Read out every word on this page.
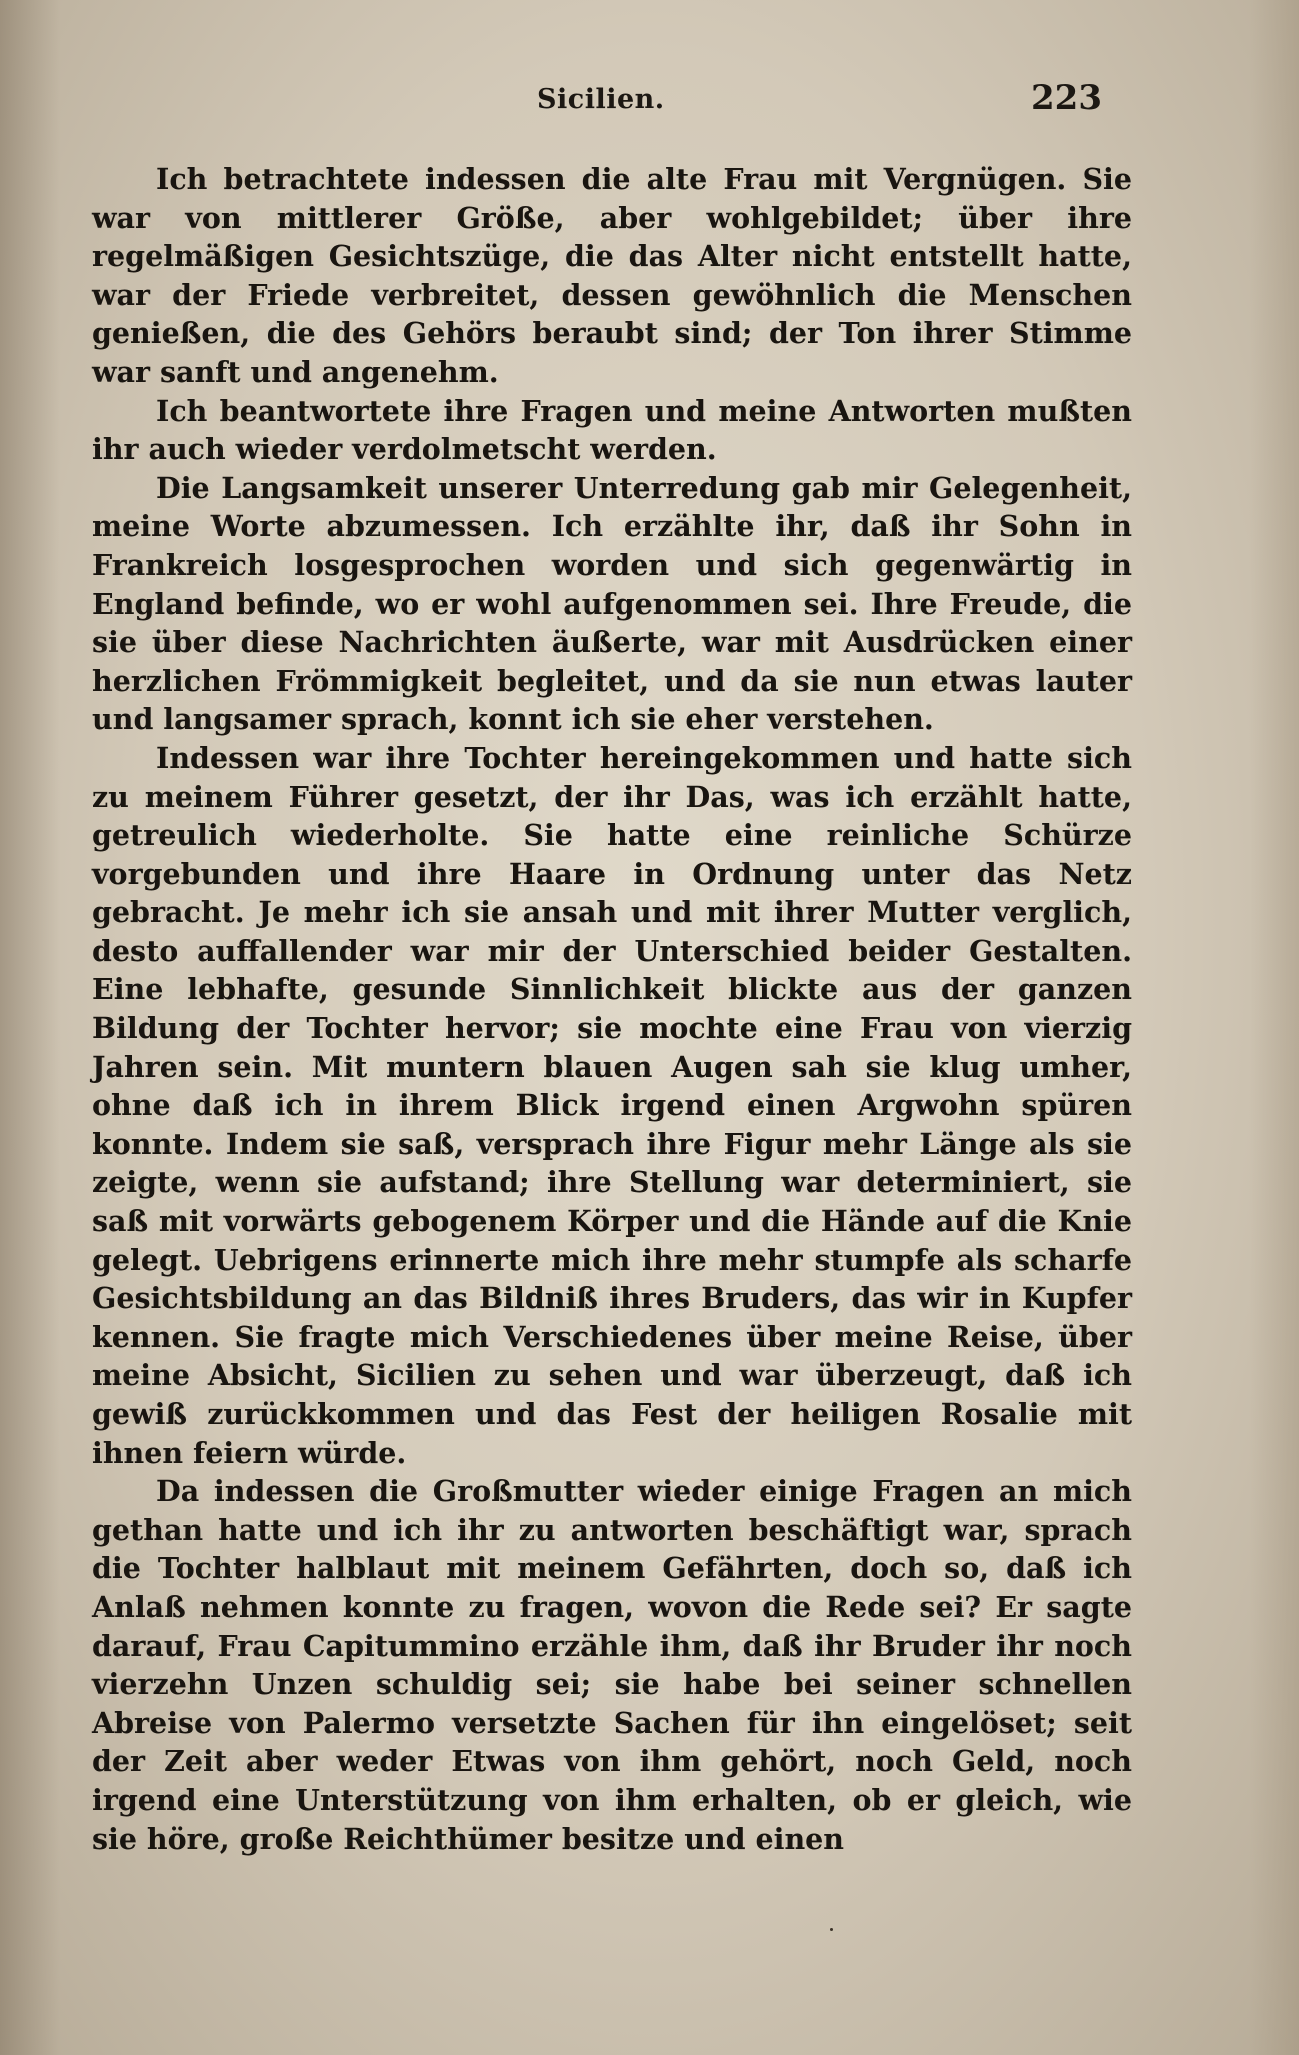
Sicilien.	223

Ich betrachtete indessen die alte Frau mit Vergnügen. Sie war von mittlerer Größe, aber wohlgebildet; über ihre regelmäßigen Gesichtszüge, die das Alter nicht entstellt hatte, war der Friede verbreitet, dessen gewöhnlich die Menschen genießen, die des Gehörs beraubt sind; der Ton ihrer Stimme war sanft und angenehm.

Ich beantwortete ihre Fragen und meine Antworten mußten ihr auch wieder verdolmetscht werden.

Die Langsamkeit unserer Unterredung gab mir Gelegenheit, meine Worte abzumessen. Ich erzählte ihr, daß ihr Sohn in Frankreich losgesprochen worden und sich gegenwärtig in England befinde, wo er wohl aufgenommen sei. Ihre Freude, die sie über diese Nachrichten äußerte, war mit Ausdrücken einer herzlichen Frömmigkeit begleitet, und da sie nun etwas lauter und langsamer sprach, konnt ich sie eher verstehen.

Indessen war ihre Tochter hereingekommen und hatte sich zu meinem Führer gesetzt, der ihr Das, was ich erzählt hatte, getreulich wiederholte. Sie hatte eine reinliche Schürze vorgebunden und ihre Haare in Ordnung unter das Netz gebracht. Je mehr ich sie ansah und mit ihrer Mutter verglich, desto auffallender war mir der Unterschied beider Gestalten. Eine lebhafte, gesunde Sinnlichkeit blickte aus der ganzen Bildung der Tochter hervor; sie mochte eine Frau von vierzig Jahren sein. Mit muntern blauen Augen sah sie klug umher, ohne daß ich in ihrem Blick irgend einen Argwohn spüren konnte. Indem sie saß, versprach ihre Figur mehr Länge als sie zeigte, wenn sie aufstand; ihre Stellung war determiniert, sie saß mit vorwärts gebogenem Körper und die Hände auf die Knie gelegt. Uebrigens erinnerte mich ihre mehr stumpfe als scharfe Gesichtsbildung an das Bildniß ihres Bruders, das wir in Kupfer kennen. Sie fragte mich Verschiedenes über meine Reise, über meine Absicht, Sicilien zu sehen und war überzeugt, daß ich gewiß zurückkommen und das Fest der heiligen Rosalie mit ihnen feiern würde.

Da indessen die Großmutter wieder einige Fragen an mich gethan hatte und ich ihr zu antworten beschäftigt war, sprach die Tochter halblaut mit meinem Gefährten, doch so, daß ich Anlaß nehmen konnte zu fragen, wovon die Rede sei? Er sagte darauf, Frau Capitummino erzähle ihm, daß ihr Bruder ihr noch vierzehn Unzen schuldig sei; sie habe bei seiner schnellen Abreise von Palermo versetzte Sachen für ihn eingelöset; seit der Zeit aber weder Etwas von ihm gehört, noch Geld, noch irgend eine Unterstützung von ihm erhalten, ob er gleich, wie sie höre, große Reichthümer besitze und einen
